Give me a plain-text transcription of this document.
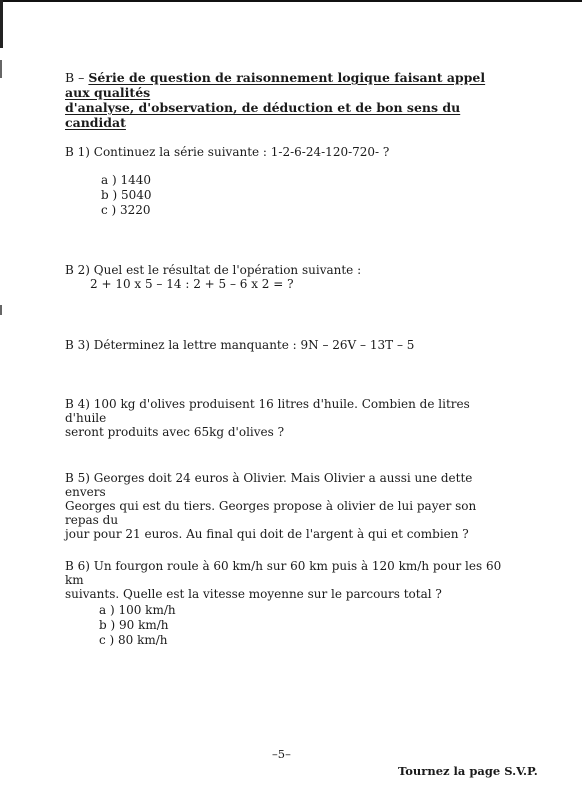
B – Série de question de raisonnement logique faisant appel aux qualités
d'analyse, d'observation, de déduction et de bon sens du candidat
B 1) Continuez la série suivante : 1-2-6-24-120-720- ?
a ) 1440
b ) 5040
c ) 3220
B 2) Quel est le résultat de l'opération suivante :
2 + 10 x 5 – 14 : 2 + 5 – 6 x 2 = ?
B 3) Déterminez la lettre manquante : 9N – 26V – 13T – 5
B 4) 100 kg d'olives produisent 16 litres d'huile. Combien de litres d'huile
seront produits avec 65kg d'olives ?
B 5) Georges doit 24 euros à Olivier. Mais Olivier a aussi une dette envers
Georges qui est du tiers. Georges propose à olivier de lui payer son repas du
jour pour 21 euros. Au final qui doit de l'argent à qui et combien ?
B 6) Un fourgon roule à 60 km/h sur 60 km puis à 120 km/h pour les 60 km
suivants. Quelle est la vitesse moyenne sur le parcours total ?
a ) 100 km/h
b ) 90 km/h
c ) 80 km/h
–5–
Tournez la page S.V.P.
